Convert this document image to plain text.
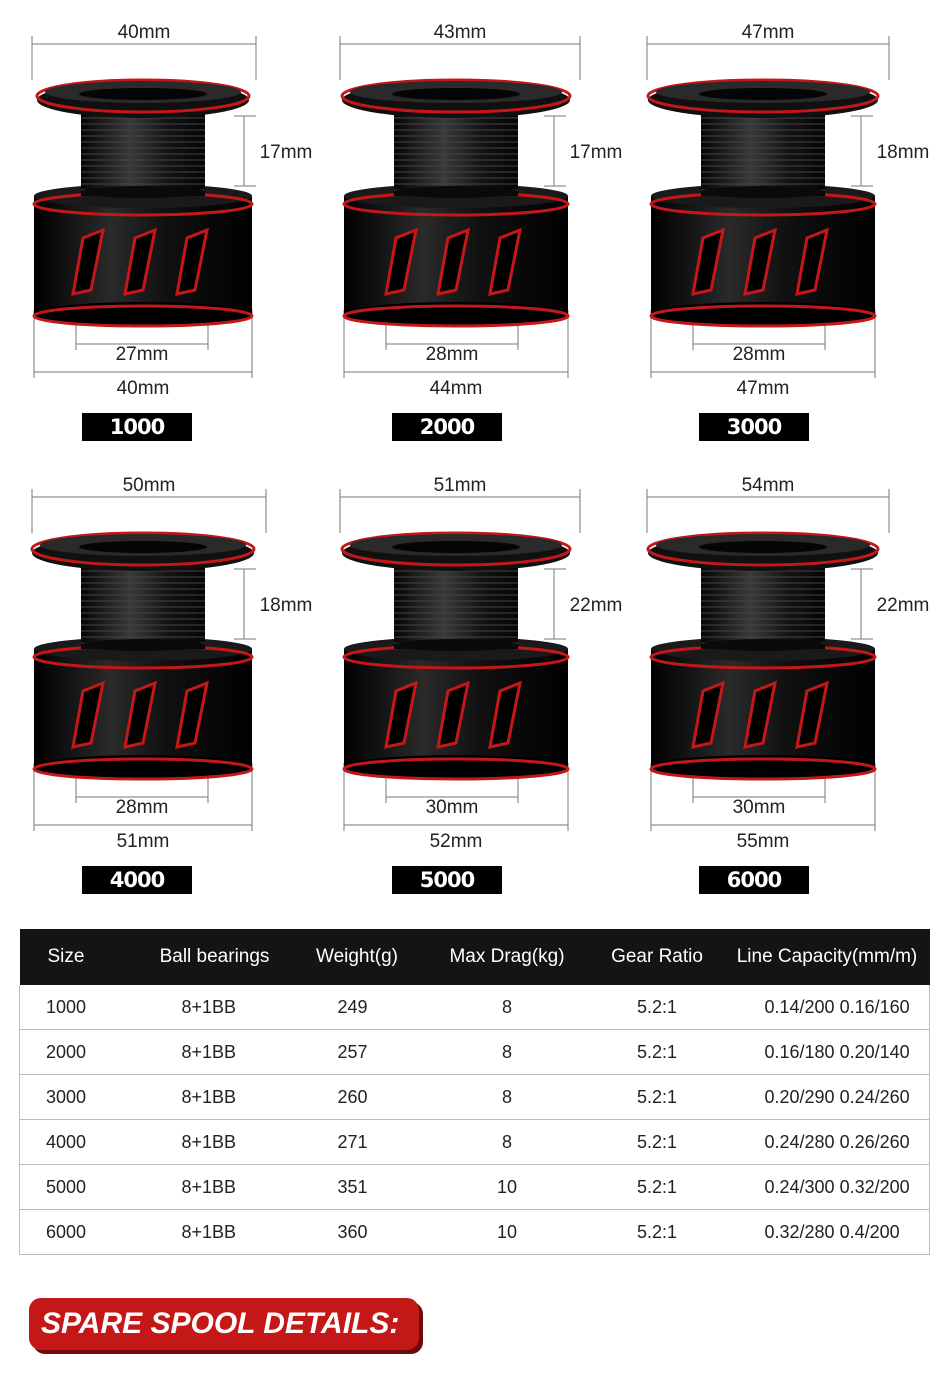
40mm
17mm
27mm
40mm
1000
43mm
17mm
28mm
44mm
2000
47mm
18mm
28mm
47mm
3000
50mm
18mm
28mm
51mm
4000
51mm
22mm
30mm
52mm
5000
54mm
22mm
30mm
55mm
6000
Size	Ball bearings	Weight(g)	Max Drag(kg)	Gear Ratio	Line Capacity(mm/m)
1000	8+1BB	249	8	5.2:1	0.14/200 0.16/160
2000	8+1BB	257	8	5.2:1	0.16/180 0.20/140
3000	8+1BB	260	8	5.2:1	0.20/290 0.24/260
4000	8+1BB	271	8	5.2:1	0.24/280 0.26/260
5000	8+1BB	351	10	5.2:1	0.24/300 0.32/200
6000	8+1BB	360	10	5.2:1	0.32/280 0.4/200
SPARE SPOOL DETAILS:
